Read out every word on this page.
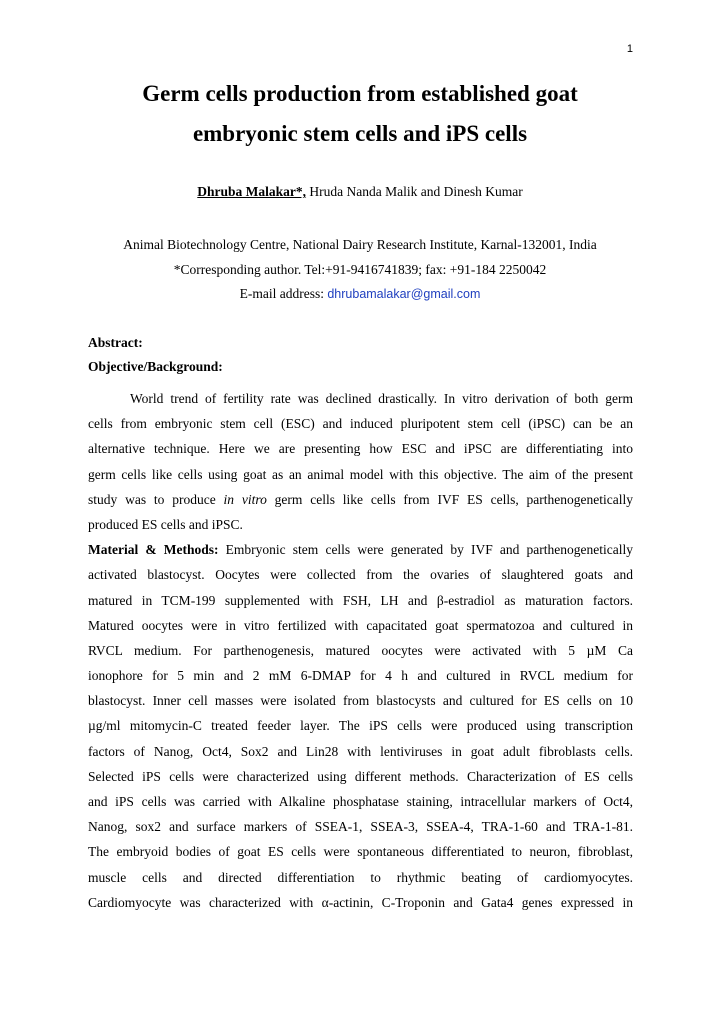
1
Germ cells production from established goat
embryonic stem cells and iPS cells
Dhruba Malakar*, Hruda Nanda Malik and Dinesh Kumar
Animal Biotechnology Centre, National Dairy Research Institute, Karnal-132001, India
*Corresponding author. Tel:+91-9416741839; fax: +91-184 2250042
E-mail address: dhrubamalakar@gmail.com
Abstract:
Objective/Background:
World trend of fertility rate was declined drastically. In vitro derivation of both germ
cells from embryonic stem cell (ESC) and induced pluripotent stem cell (iPSC) can be an
alternative technique. Here we are presenting how ESC and iPSC are differentiating into
germ cells like cells using goat as an animal model with this objective. The aim of the present
study was to produce in vitro germ cells like cells from IVF ES cells, parthenogenetically
produced ES cells and iPSC.
Material & Methods: Embryonic stem cells were generated by IVF and parthenogenetically
activated blastocyst. Oocytes were collected from the ovaries of slaughtered goats and
matured in TCM-199 supplemented with FSH, LH and β-estradiol as maturation factors.
Matured oocytes were in vitro fertilized with capacitated goat spermatozoa and cultured in
RVCL medium. For parthenogenesis, matured oocytes were activated with 5 µM Ca
ionophore for 5 min and 2 mM 6-DMAP for 4 h and cultured in RVCL medium for
blastocyst. Inner cell masses were isolated from blastocysts and cultured for ES cells on 10
µg/ml mitomycin-C treated feeder layer. The iPS cells were produced using transcription
factors of Nanog, Oct4, Sox2 and Lin28 with lentiviruses in goat adult fibroblasts cells.
Selected iPS cells were characterized using different methods. Characterization of ES cells
and iPS cells was carried with Alkaline phosphatase staining, intracellular markers of Oct4,
Nanog, sox2 and surface markers of SSEA-1, SSEA-3, SSEA-4, TRA-1-60 and TRA-1-81.
The embryoid bodies of goat ES cells were spontaneous differentiated to neuron, fibroblast,
muscle cells and directed differentiation to rhythmic beating of cardiomyocytes.
Cardiomyocyte was characterized with α-actinin, C-Troponin and Gata4 genes expressed in
